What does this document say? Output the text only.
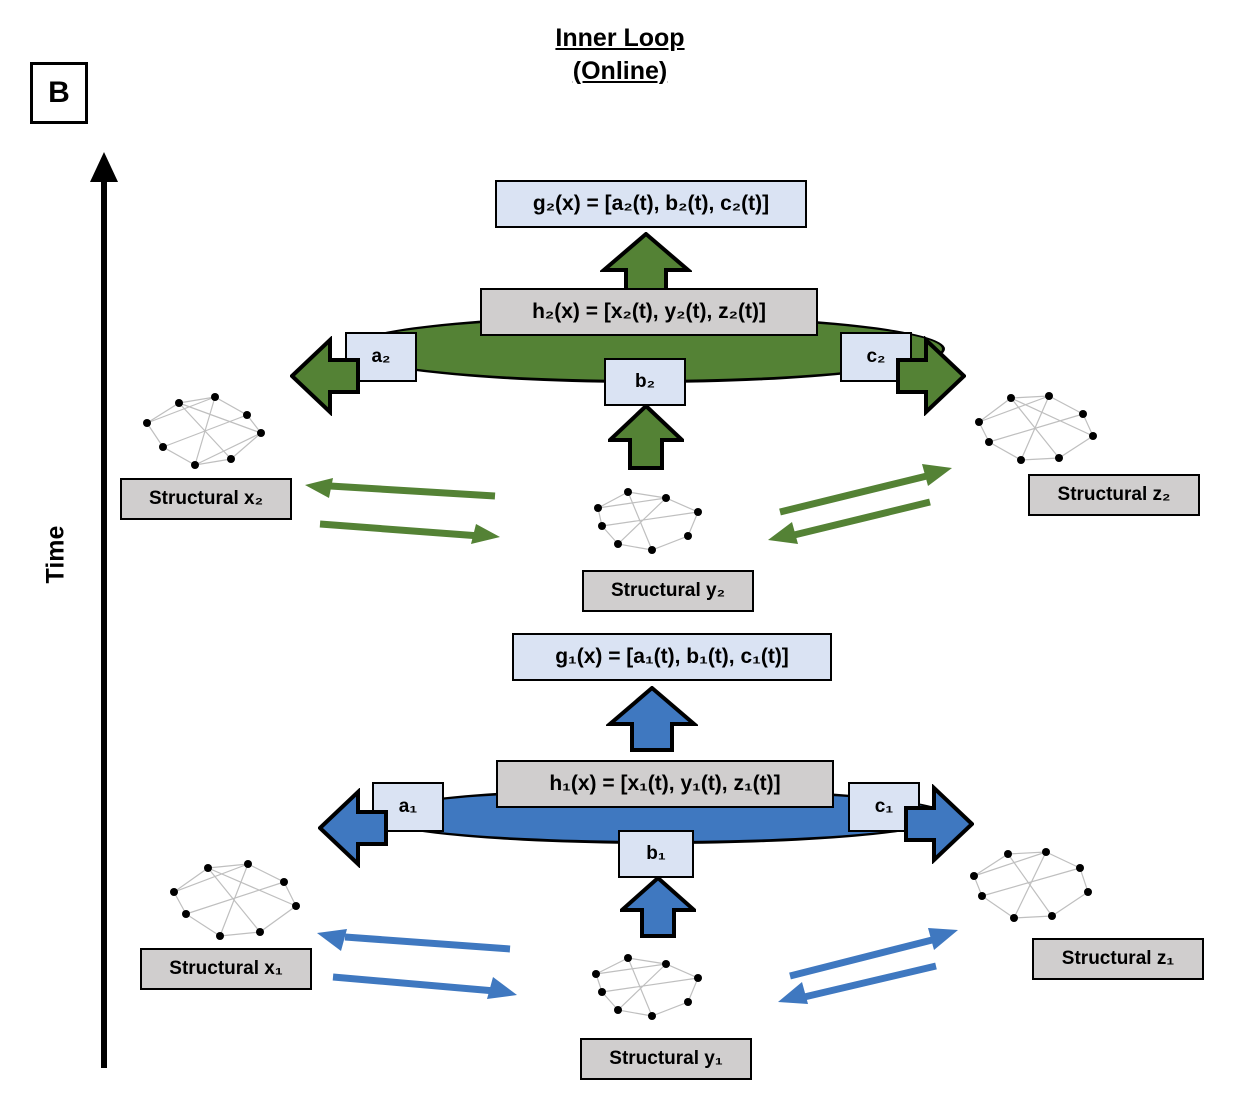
B
Inner Loop
(Online)
Time
g₂(x) = [a₂(t), b₂(t), c₂(t)]
h₂(x) = [x₂(t), y₂(t), z₂(t)]
a₂	c₂
b₂
Structural x₂	Structural z₂
Structural y₂
g₁(x) = [a₁(t), b₁(t), c₁(t)]
h₁(x) = [x₁(t), y₁(t), z₁(t)]
a₁	c₁
b₁
Structural x₁	Structural z₁
Structural y₁
